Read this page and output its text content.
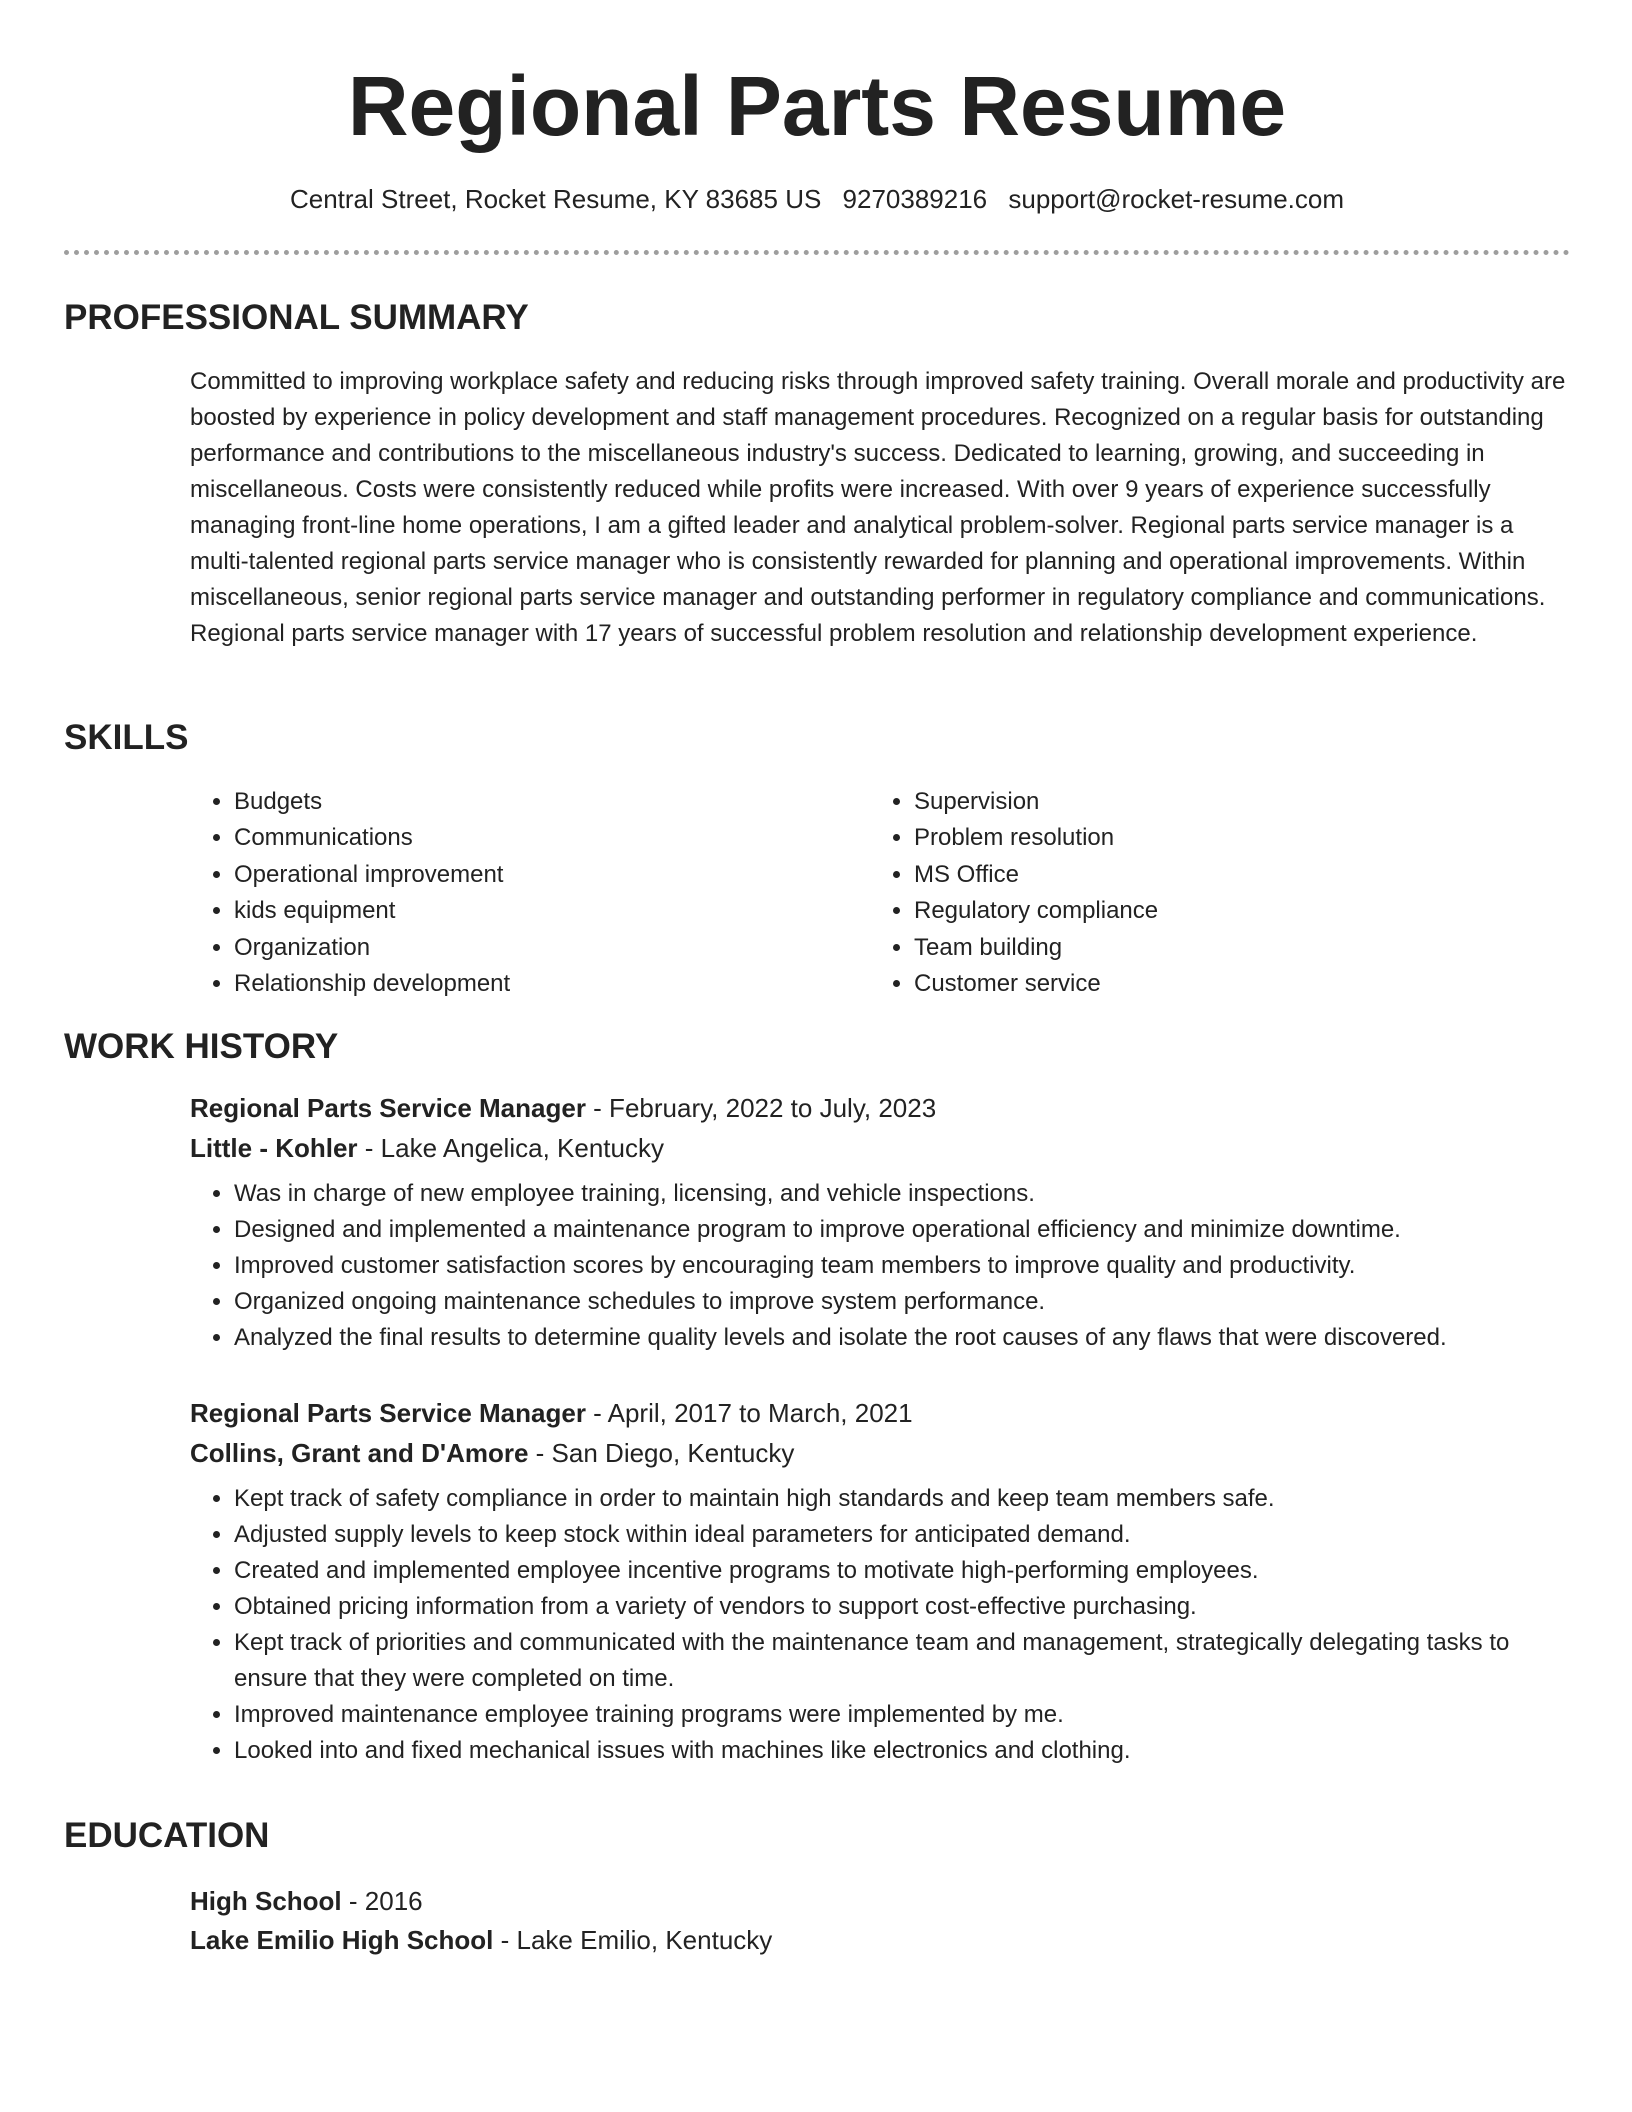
Regional Parts Resume
Central Street, Rocket Resume, KY 83685 US 9270389216 support@rocket-resume.com
PROFESSIONAL SUMMARY

Committed to improving workplace safety and reducing risks through improved safety training. Overall morale and productivity are boosted by experience in policy development and staff management procedures. Recognized on a regular basis for outstanding performance and contributions to the miscellaneous industry's success. Dedicated to learning, growing, and succeeding in miscellaneous. Costs were consistently reduced while profits were increased. With over 9 years of experience successfully managing front-line home operations, I am a gifted leader and analytical problem-solver. Regional parts service manager is a multi-talented regional parts service manager who is consistently rewarded for planning and operational improvements. Within miscellaneous, senior regional parts service manager and outstanding performer in regulatory compliance and communications. Regional parts service manager with 17 years of successful problem resolution and relationship development experience.

SKILLS
• Budgets
• Communications
• Operational improvement
• kids equipment
• Organization
• Relationship development
• Supervision
• Problem resolution
• MS Office
• Regulatory compliance
• Team building
• Customer service
WORK HISTORY
Regional Parts Service Manager - February, 2022 to July, 2023
Little - Kohler - Lake Angelica, Kentucky
• Was in charge of new employee training, licensing, and vehicle inspections.
• Designed and implemented a maintenance program to improve operational efficiency and minimize downtime.
• Improved customer satisfaction scores by encouraging team members to improve quality and productivity.
• Organized ongoing maintenance schedules to improve system performance.
• Analyzed the final results to determine quality levels and isolate the root causes of any flaws that were discovered.
Regional Parts Service Manager - April, 2017 to March, 2021
Collins, Grant and D'Amore - San Diego, Kentucky
• Kept track of safety compliance in order to maintain high standards and keep team members safe.
• Adjusted supply levels to keep stock within ideal parameters for anticipated demand.
• Created and implemented employee incentive programs to motivate high-performing employees.
• Obtained pricing information from a variety of vendors to support cost-effective purchasing.
• Kept track of priorities and communicated with the maintenance team and management, strategically delegating tasks to ensure that they were completed on time.
• Improved maintenance employee training programs were implemented by me.
• Looked into and fixed mechanical issues with machines like electronics and clothing.
EDUCATION
High School - 2016
Lake Emilio High School - Lake Emilio, Kentucky
